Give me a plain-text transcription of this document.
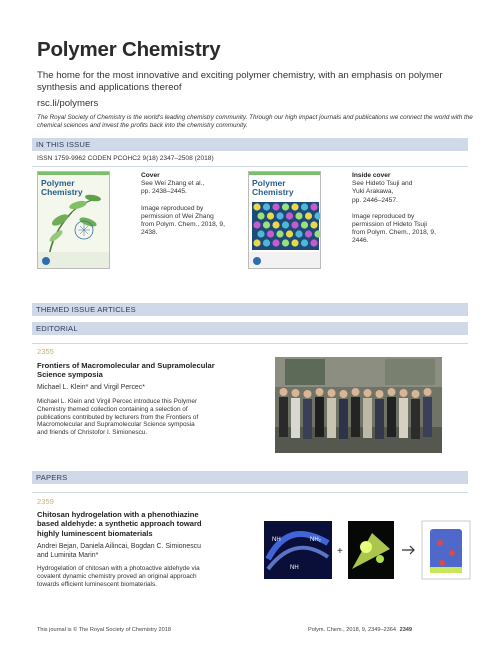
Polymer Chemistry
The home for the most innovative and exciting polymer chemistry, with an emphasis on polymer synthesis and applications thereof
rsc.li/polymers
The Royal Society of Chemistry is the world's leading chemistry community. Through our high impact journals and publications we connect the world with the chemical sciences and invest the profits back into the chemistry community.
IN THIS ISSUE
ISSN 1759-9962 CODEN PCOHC2 9(18) 2347–2508 (2018)
Polymer
Chemistry
Cover
See Wei Zhang et al.,
pp. 2438–2445.
Image reproduced by
permission of Wei Zhang
from Polym. Chem., 2018, 9,
2438.
Polymer
Chemistry
Inside cover
See Hideto Tsuji and
Yuki Arakawa,
pp. 2446–2457.
Image reproduced by
permission of Hideto Tsuji
from Polym. Chem., 2018, 9,
2446.
THEMED ISSUE ARTICLES
EDITORIAL
2355
Frontiers of Macromolecular and Supramolecular
Science symposia
Michael L. Klein* and Virgil Percec*
Michael L. Klein and Virgil Percec introduce this Polymer
Chemistry themed collection containing a selection of
publications contributed by lecturers from the Frontiers of
Macromolecular and Supramolecular Science symposia
and friends of Christofor I. Simionescu.
PAPERS
2359
Chitosan hydrogelation with a phenothiazine
based aldehyde: a synthetic approach toward
highly luminescent biomaterials
Andrei Bejan, Daniela Ailincai, Bogdan C. Simionescu
and Luminita Marin*
Hydrogelation of chitosan with a photoactive aldehyde via
covalent dynamic chemistry proved an original approach
towards efficient luminescent biomaterials.
NH	NH₂
NH
+
This journal is © The Royal Society of Chemistry 2018	Polym. Chem., 2018, 9, 2349–2364 2349
